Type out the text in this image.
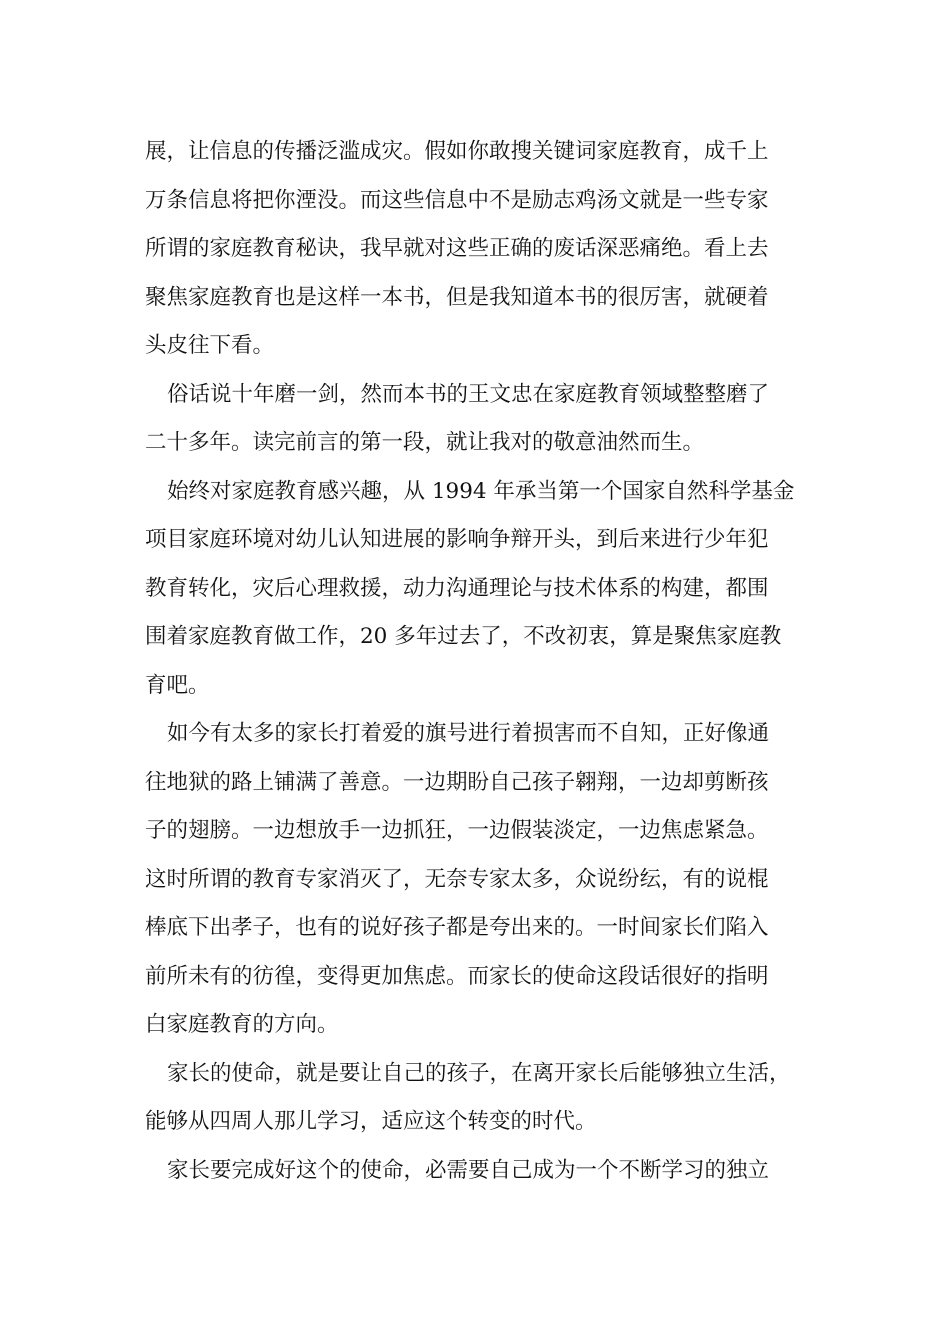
展，让信息的传播泛滥成灾。假如你敢搜关键词家庭教育，成千上
万条信息将把你湮没。而这些信息中不是励志鸡汤文就是一些专家
所谓的家庭教育秘诀，我早就对这些正确的废话深恶痛绝。看上去
聚焦家庭教育也是这样一本书，但是我知道本书的很厉害，就硬着
头皮往下看。
俗话说十年磨一剑，然而本书的王文忠在家庭教育领域整整磨了
二十多年。读完前言的第一段，就让我对的敬意油然而生。
始终对家庭教育感兴趣，从 1994 年承当第一个国家自然科学基金
项目家庭环境对幼儿认知进展的影响争辩开头，到后来进行少年犯
教育转化，灾后心理救援，动力沟通理论与技术体系的构建，都围
围着家庭教育做工作，20 多年过去了，不改初衷，算是聚焦家庭教
育吧。
如今有太多的家长打着爱的旗号进行着损害而不自知，正好像通
往地狱的路上铺满了善意。一边期盼自己孩子翱翔，一边却剪断孩
子的翅膀。一边想放手一边抓狂，一边假装淡定，一边焦虑紧急。
这时所谓的教育专家消灭了，无奈专家太多，众说纷纭，有的说棍
棒底下出孝子，也有的说好孩子都是夸出来的。一时间家长们陷入
前所未有的彷徨，变得更加焦虑。而家长的使命这段话很好的指明
白家庭教育的方向。
家长的使命，就是要让自己的孩子，在离开家长后能够独立生活，
能够从四周人那儿学习，适应这个转变的时代。
家长要完成好这个的使命，必需要自己成为一个不断学习的独立
